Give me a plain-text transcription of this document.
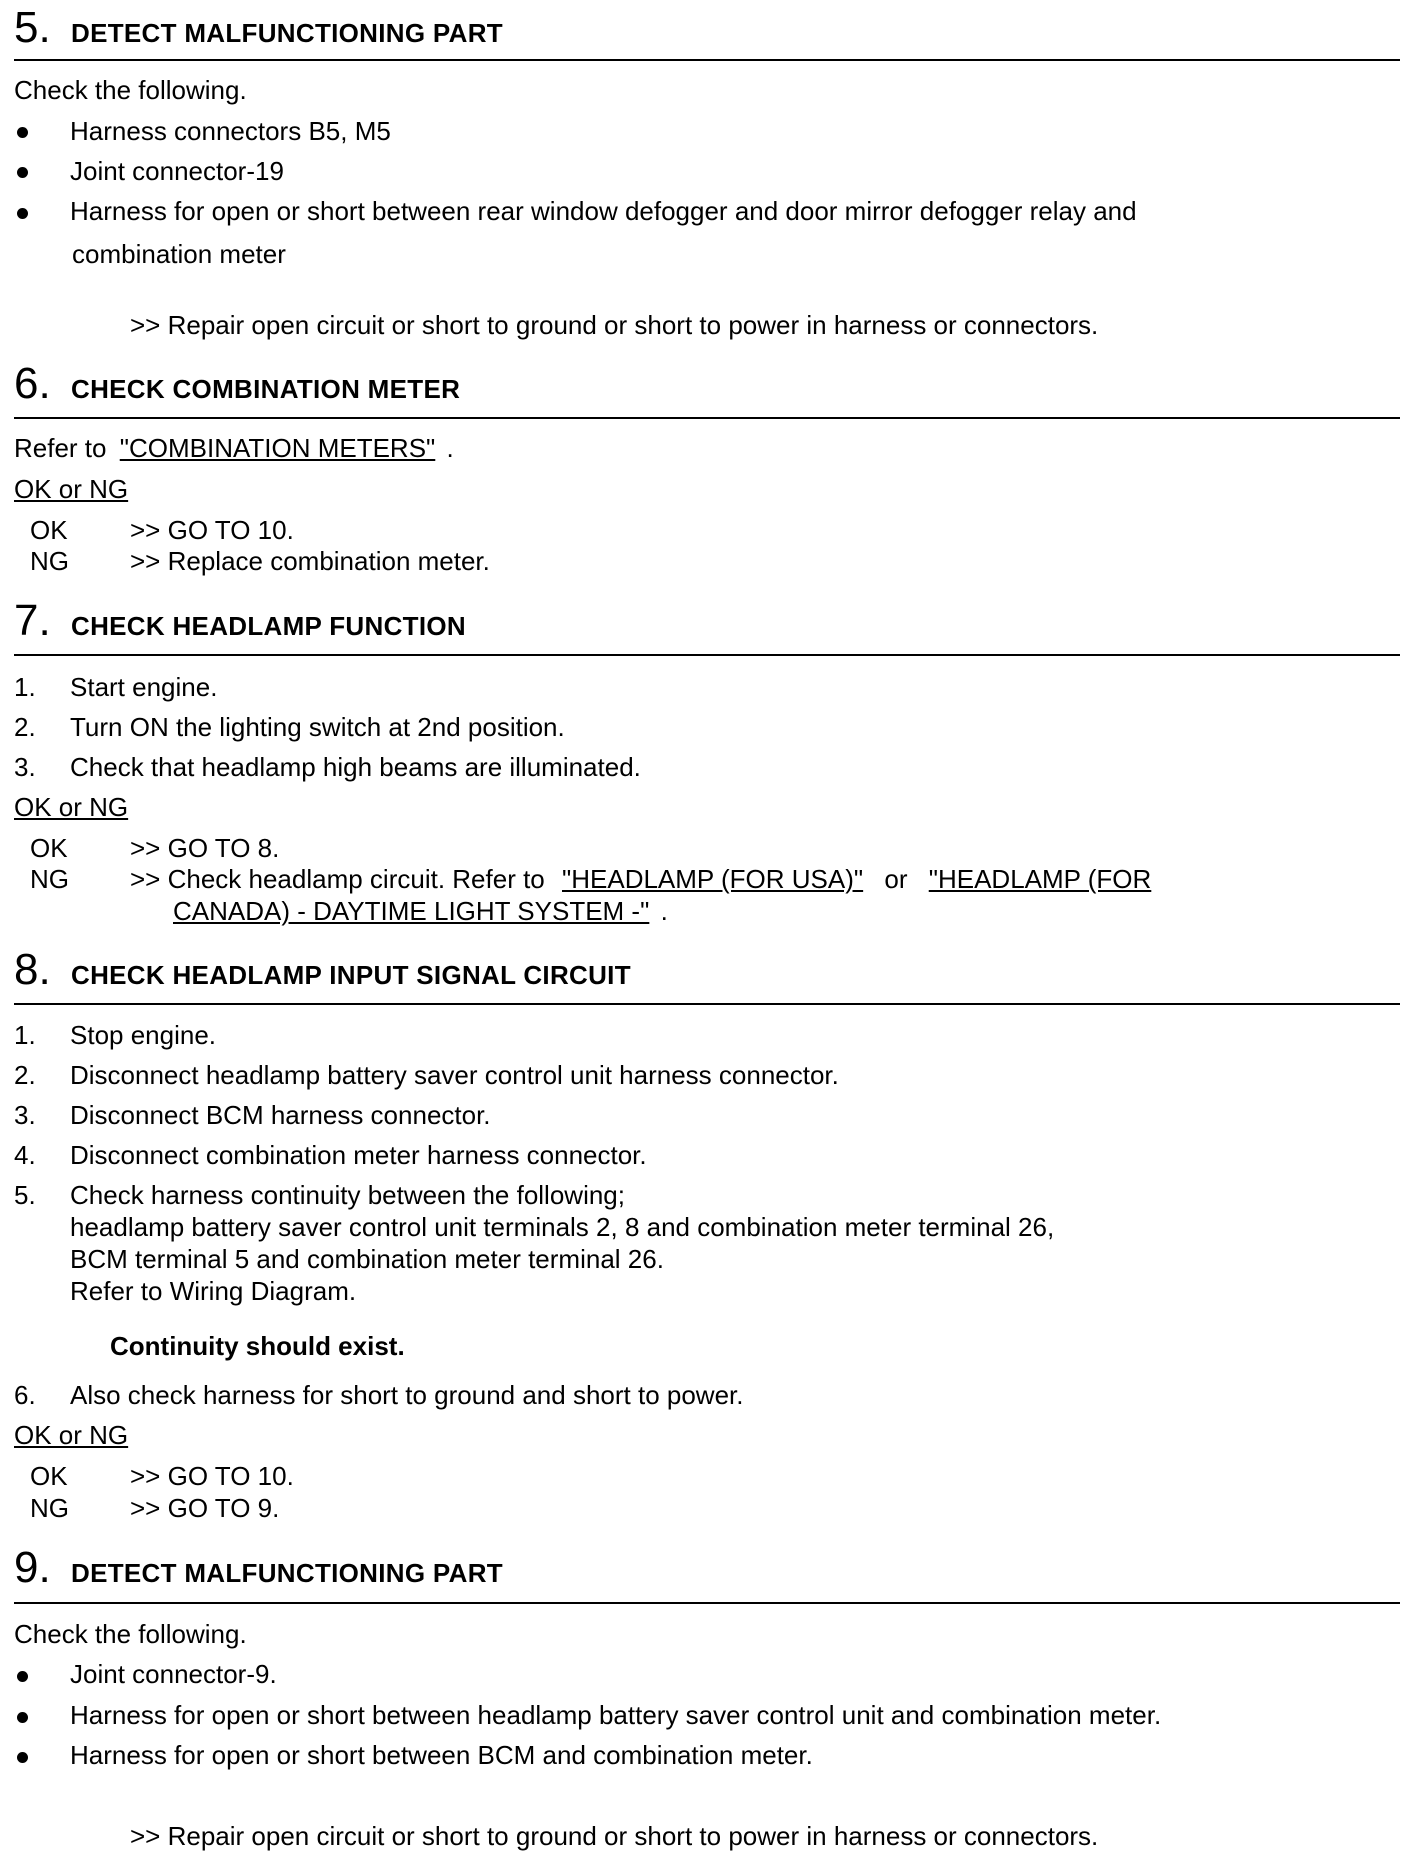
5. DETECT MALFUNCTIONING PART
Check the following.
Harness connectors B5, M5
Joint connector-19
Harness for open or short between rear window defogger and door mirror defogger relay and
combination meter
>> Repair open circuit or short to ground or short to power in harness or connectors.
6. CHECK COMBINATION METER
Refer to "COMBINATION METERS" .
OK or NG
OK >> GO TO 10.
NG >> Replace combination meter.
7. CHECK HEADLAMP FUNCTION
1. Start engine.
2. Turn ON the lighting switch at 2nd position.
3. Check that headlamp high beams are illuminated.
OK or NG
OK >> GO TO 8.
NG >> Check headlamp circuit. Refer to "HEADLAMP (FOR USA)" or "HEADLAMP (FOR
CANADA) - DAYTIME LIGHT SYSTEM -" .
8. CHECK HEADLAMP INPUT SIGNAL CIRCUIT
1. Stop engine.
2. Disconnect headlamp battery saver control unit harness connector.
3. Disconnect BCM harness connector.
4. Disconnect combination meter harness connector.
5. Check harness continuity between the following;
headlamp battery saver control unit terminals 2, 8 and combination meter terminal 26,
BCM terminal 5 and combination meter terminal 26.
Refer to Wiring Diagram.
Continuity should exist.
6. Also check harness for short to ground and short to power.
OK or NG
OK >> GO TO 10.
NG >> GO TO 9.
9. DETECT MALFUNCTIONING PART
Check the following.
Joint connector-9.
Harness for open or short between headlamp battery saver control unit and combination meter.
Harness for open or short between BCM and combination meter.
>> Repair open circuit or short to ground or short to power in harness or connectors.
